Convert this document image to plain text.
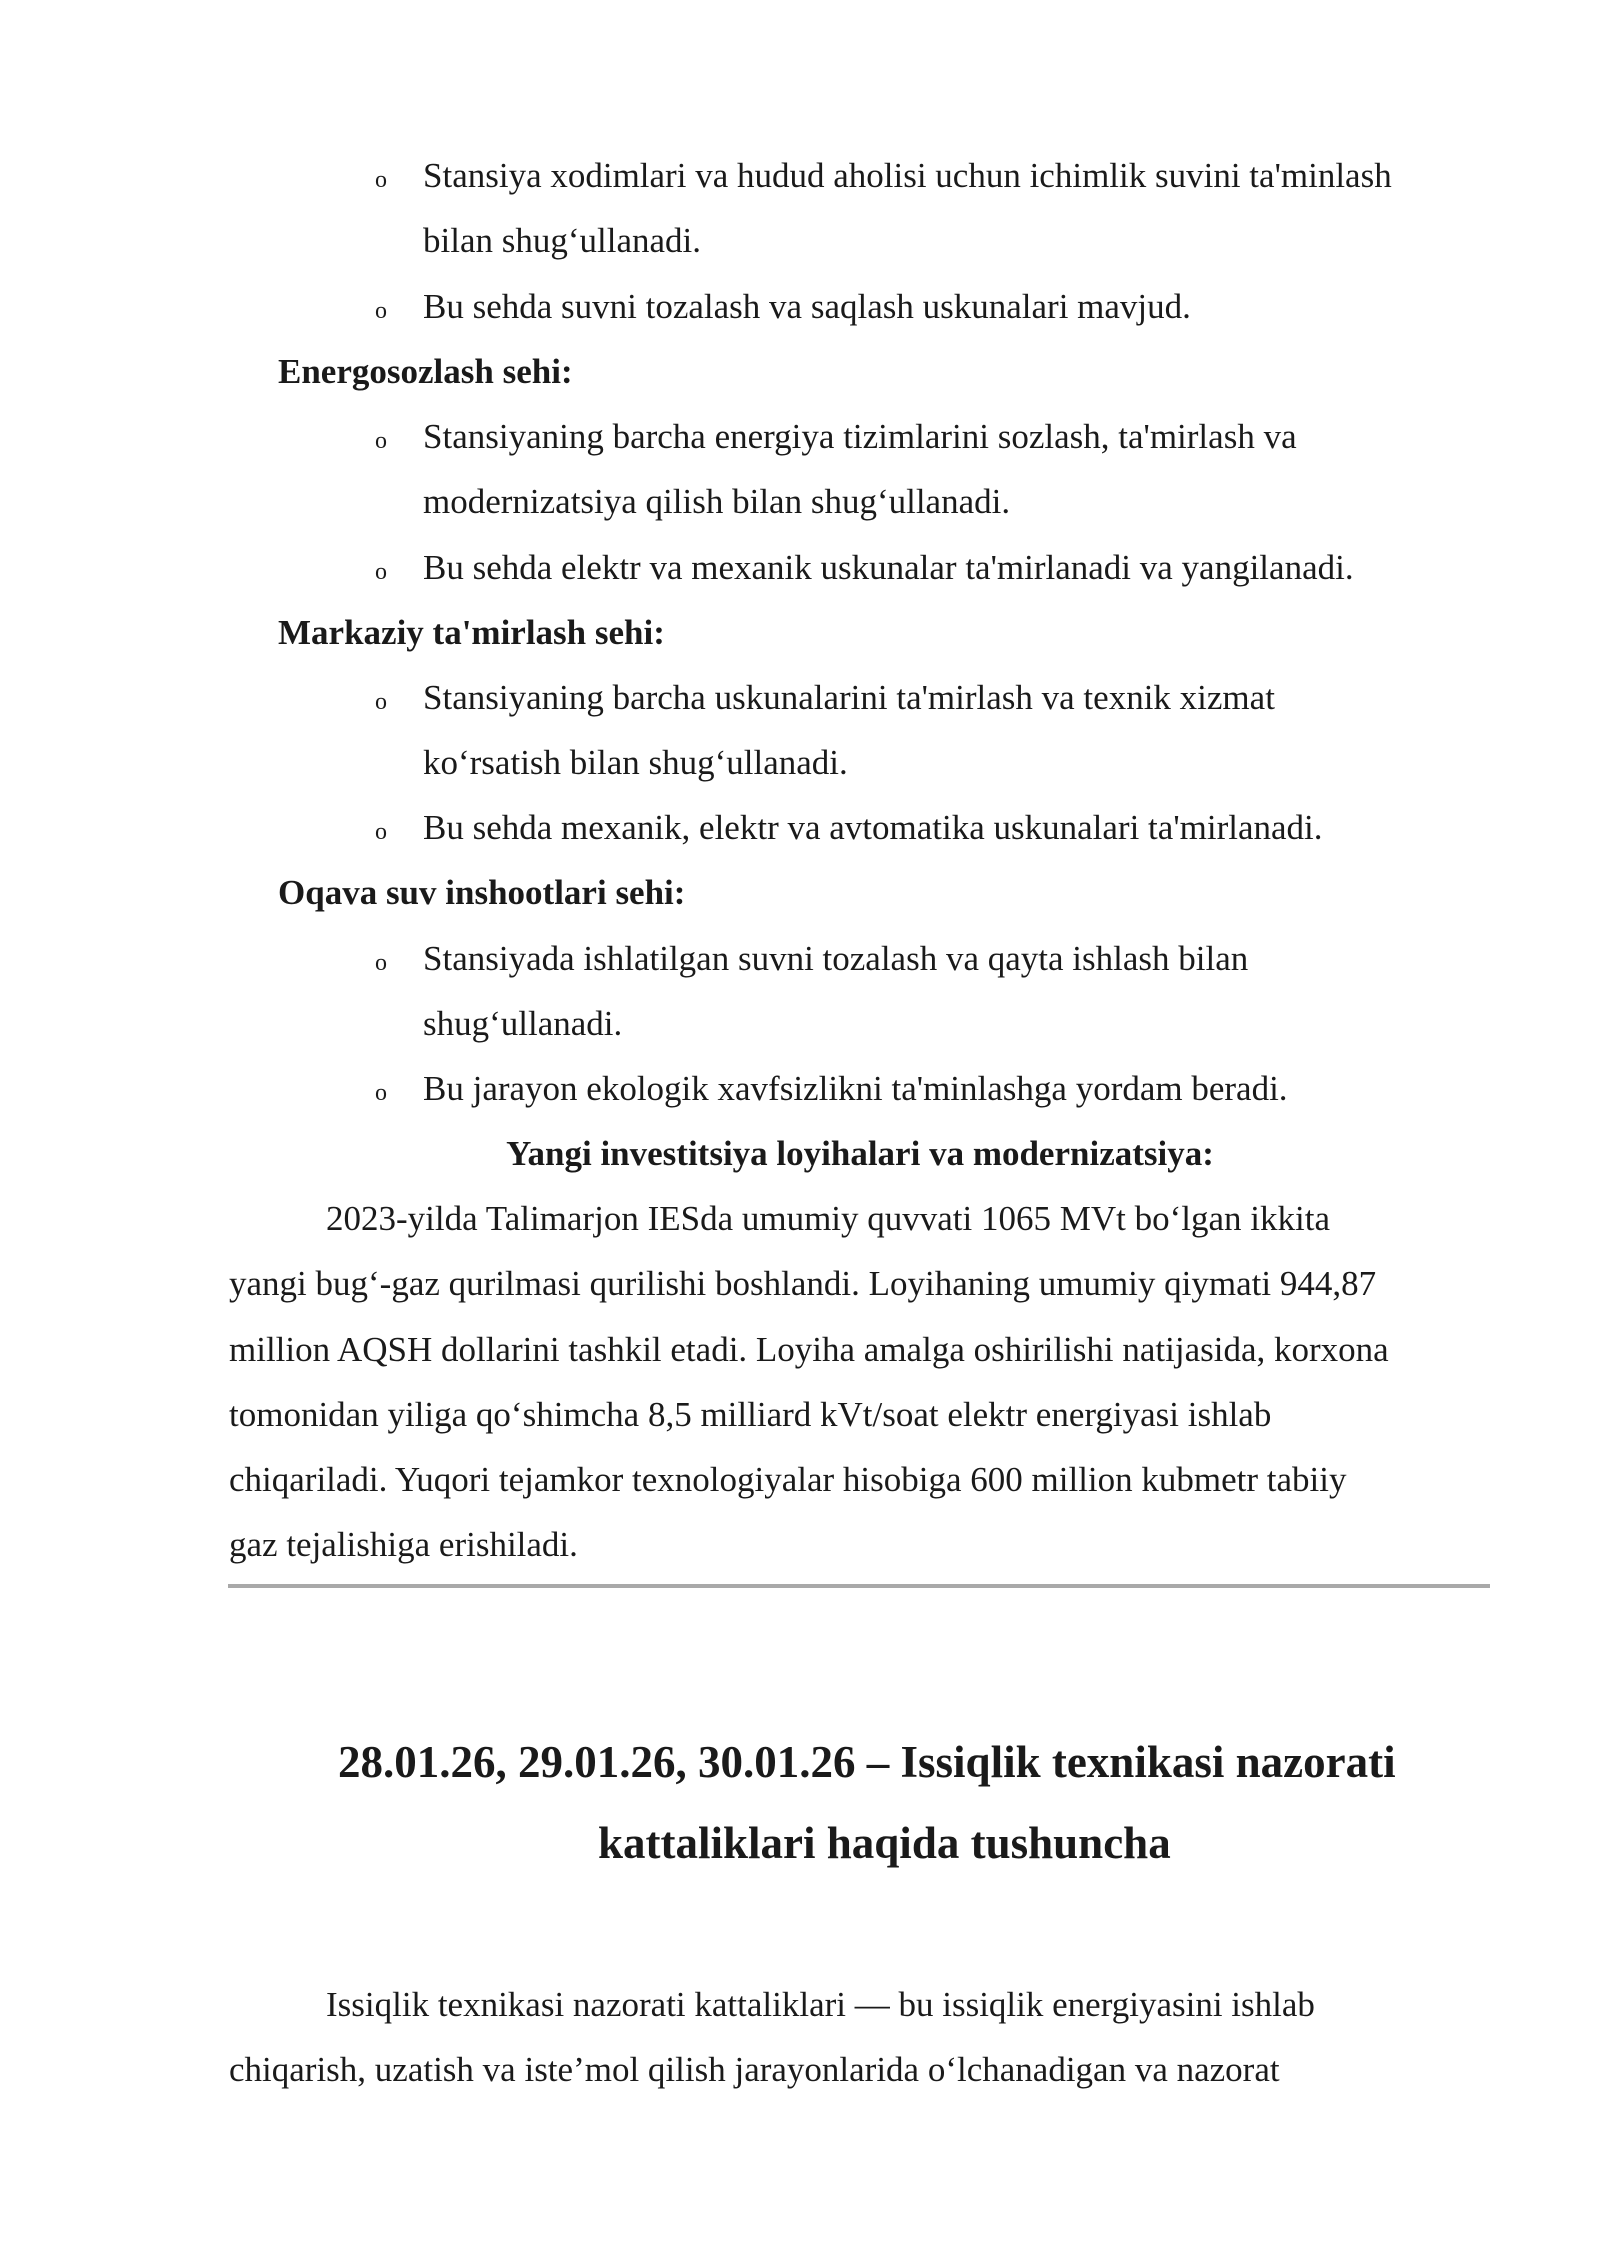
o Stansiya xodimlari va hudud aholisi uchun ichimlik suvini ta'minlash
bilan shug‘ullanadi.
o Bu sehda suvni tozalash va saqlash uskunalari mavjud.
Energosozlash sehi:
o Stansiyaning barcha energiya tizimlarini sozlash, ta'mirlash va
modernizatsiya qilish bilan shug‘ullanadi.
o Bu sehda elektr va mexanik uskunalar ta'mirlanadi va yangilanadi.
Markaziy ta'mirlash sehi:
o Stansiyaning barcha uskunalarini ta'mirlash va texnik xizmat
ko‘rsatish bilan shug‘ullanadi.
o Bu sehda mexanik, elektr va avtomatika uskunalari ta'mirlanadi.
Oqava suv inshootlari sehi:
o Stansiyada ishlatilgan suvni tozalash va qayta ishlash bilan
shug‘ullanadi.
o Bu jarayon ekologik xavfsizlikni ta'minlashga yordam beradi.
Yangi investitsiya loyihalari va modernizatsiya:
2023-yilda Talimarjon IESda umumiy quvvati 1065 MVt bo‘lgan ikkita
yangi bug‘-gaz qurilmasi qurilishi boshlandi. Loyihaning umumiy qiymati 944,87
million AQSH dollarini tashkil etadi. Loyiha amalga oshirilishi natijasida, korxona
tomonidan yiliga qo‘shimcha 8,5 milliard kVt/soat elektr energiyasi ishlab
chiqariladi. Yuqori tejamkor texnologiyalar hisobiga 600 million kubmetr tabiiy
gaz tejalishiga erishiladi.
28.01.26, 29.01.26, 30.01.26 – Issiqlik texnikasi nazorati
kattaliklari haqida tushuncha
Issiqlik texnikasi nazorati kattaliklari — bu issiqlik energiyasini ishlab
chiqarish, uzatish va iste’mol qilish jarayonlarida o‘lchanadigan va nazorat
